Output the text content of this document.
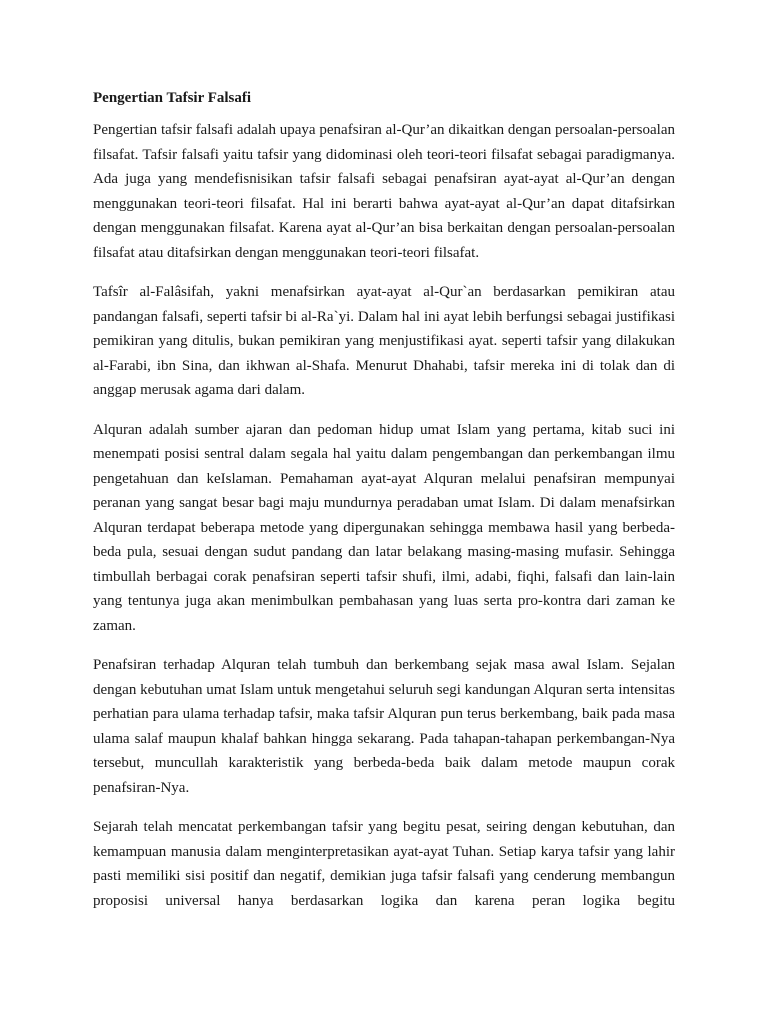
Pengertian Tafsir Falsafi

Pengertian tafsir falsafi adalah upaya penafsiran al-Qur’an dikaitkan dengan persoalan-persoalan filsafat. Tafsir falsafi yaitu tafsir yang didominasi oleh teori-teori filsafat sebagai paradigmanya. Ada juga yang mendefisnisikan tafsir falsafi sebagai penafsiran ayat-ayat al-Qur’an dengan menggunakan teori-teori filsafat. Hal ini berarti bahwa ayat-ayat al-Qur’an dapat ditafsirkan dengan menggunakan filsafat. Karena ayat al-Qur’an bisa berkaitan dengan persoalan-persoalan filsafat atau ditafsirkan dengan menggunakan teori-teori filsafat.

Tafsîr al-Falâsifah, yakni menafsirkan ayat-ayat al-Qur`an berdasarkan pemikiran atau pandangan falsafi, seperti tafsir bi al-Ra`yi. Dalam hal ini ayat lebih berfungsi sebagai justifikasi pemikiran yang ditulis, bukan pemikiran yang menjustifikasi ayat. seperti tafsir yang dilakukan al-Farabi, ibn Sina, dan ikhwan al-Shafa. Menurut Dhahabi, tafsir mereka ini di tolak dan di anggap merusak agama dari dalam.

Alquran adalah sumber ajaran dan pedoman hidup umat Islam yang pertama, kitab suci ini menempati posisi sentral dalam segala hal yaitu dalam pengembangan dan perkembangan ilmu pengetahuan dan keIslaman. Pemahaman ayat-ayat Alquran melalui penafsiran mempunyai peranan yang sangat besar bagi maju mundurnya peradaban umat Islam. Di dalam menafsirkan Alquran terdapat beberapa metode yang dipergunakan sehingga membawa hasil yang berbeda-beda pula, sesuai dengan sudut pandang dan latar belakang masing-masing mufasir. Sehingga timbullah berbagai corak penafsiran seperti tafsir shufi, ilmi, adabi, fiqhi, falsafi dan lain-lain yang tentunya juga akan menimbulkan pembahasan yang luas serta pro-kontra dari zaman ke zaman.

Penafsiran terhadap Alquran telah tumbuh dan berkembang sejak masa awal Islam. Sejalan dengan kebutuhan umat Islam untuk mengetahui seluruh segi kandungan Alquran serta intensitas perhatian para ulama terhadap tafsir, maka tafsir Alquran pun terus berkembang, baik pada masa ulama salaf maupun khalaf bahkan hingga sekarang. Pada tahapan-tahapan perkembangan-Nya tersebut, muncullah karakteristik yang berbeda-beda baik dalam metode maupun corak penafsiran-Nya.

Sejarah telah mencatat perkembangan tafsir yang begitu pesat, seiring dengan kebutuhan, dan kemampuan manusia dalam menginterpretasikan ayat-ayat Tuhan. Setiap karya tafsir yang lahir pasti memiliki sisi positif dan negatif, demikian juga tafsir falsafi yang cenderung membangun proposisi universal hanya berdasarkan logika dan karena peran logika begitu
